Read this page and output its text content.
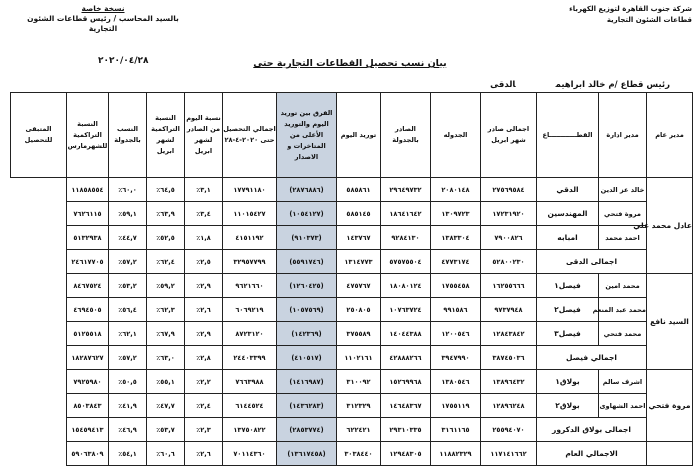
شركة جنوب القاهرة لتوزيع الكهرباء
قطاعات الشئون التجارية
نسخة خاصة
بالسيد المحاسب / رئيس قطاعات الشئون
التجارية
٢٠٢٠/٠٤/٢٨	بيان نسب تحصيل القطاعات التجارية حتى
رئيس قطاع /م خالد ابراهيمالدقى
مدير عام	مدير ادارة	القطــــــــــــاع	اجمالى صادر شهر ابريل	الجدوله	الصادر بالجدولة	توريد اليوم	الفرق بين توريد اليوم والتوريد الأعلى من المتاخرات و الاصدار	اجمالي التحصيل حتى ٢٠٢٠-٤-٢٨	نسبة اليوم من الصادر لشهر ابريل	النسبة التراكمية لشهر ابريل	النسب بالجدولة	النسبة التراكمية للشهرمارس	المتبقى للتحصيل
عادل محمد علي	خالد عز الدين	الدقي	٢٧٥٦٩٥٨٤	٢٠٨٠١٤٨	٢٩٦٤٩٧٣٢	٥٨٥٨٦١	(٢٨٧٦٨٨٦)	١٧٧٩١١٨٠	٣,١٪	٦٤,٥٪	٦٠,٠٪	١١٨٥٨٥٥٤	
	مروة فتحي	المهندسين	١٧٢٣١٩٢٠	١٣٠٩٧٢٣	١٨٦٤١٦٤٢	٥٨٥١٤٥	(١٠٥٤١٢٧)	١١٠١٥٤٢٧	٣,٤٪	٦٣,٩٪	٥٩,١٪	٧٦٢٦١١٥	
	احمد محمد	امبابه	٧٩٠٠٨٢٦	١٣٨٣٣٠٤	٩٢٨٤١٣٠	١٤٣٧٦٧	(٩١٠٣٧٣)	٤١٥١١٩٢	١,٨٪	٥٢,٥٪	٤٤,٧٪	٥١٣٢٩٣٨	
	اجمالى الدقى		٥٢٨٠٠٢٣٠	٤٧٧٣١٧٤	٥٧٥٧٥٥٠٤	١٣١٤٧٧٣	(٥٥٩١٧٤٦)	٣٢٩٥٧٧٩٩	٢,٥٪	٦٢,٤٪	٥٧,٢٪	٢٤٦١٧٧٠٥	
السيد نافع	محمد امين	فيصل١	١٦٢٥٥٦٦٦	١٧٥٥٤٥٨	١٨٠٨٠١٢٤	٤٧٥٧٦٧	(١٢٦٠٤٢٥)	٩٦٢١٦٦٠	٢,٩٪	٥٩,٢٪	٥٣,٢٪	٨٤٦٧٥٢٤	
	محمد عبد المنعم	فيصل٢	٩٧٣٧٩٤٨	٩٩١٥٨٦	١٠٧٦٣٧٢٤	٢٥٠٨٠٥	(١٠٥٧٥٦٩)	٦٠٦٩٢١٩	٢,٦٪	٦٢,٣٪	٥٦,٤٪	٤٦٩٤٥٠٥	
	محمد فتحي	فيصل٣	١٢٨٤٣٨٤٢	١٢٠٠٥٤٦	١٤٠٤٤٣٨٨	٣٧٥٥٨٩	(١٤٢٣٦٩)	٨٧٢٣١٢٠	٢,٩٪	٦٧,٩٪	٦٢,١٪	٥١٢٥٥١٨	
	اجمالي فيصل		٣٨٧٤٥٠٣٦	٣٩٤٧٩٩٠	٤٢٨٨٨٢٦٦	١١٠٢١٦١	(٤١٠٥١٧)	٢٤٤٠٣٣٩٩	٢,٨٪	٦٣,٠٪	٥٧,٢٪	١٨٢٨٧٦٢٧	
مروة فتحي	اشرف سالم	بولاق١	١٣٨٩٦٤٣٢	١٣٨٠٥٤٦	١٥٢٦٩٩٦٨	٣١٠٠٩٢	(١٤١٦٩٨٧)	٧٦٦٣٩٨٨	٢,٢٪	٥٥,١٪	٥٠,٥٪	٧٩٢٥٩٨٠	
	احمد الشهاوى	بولاق٢	١٢٨٩٦٢٤٨	١٧٥٥١١٩	١٤٦٤٨٣٦٧	٣١٢٣٢٩	(١٤٣٦٢٨٣)	٦١٤٤٥٢٤	٢,٤٪	٤٧,٧٪	٤١,٩٪	٨٥٠٣٨٤٣	
	اجمالى بولاق الدكرور		٢٥٥٩٤٠٧٠	٣١٦١١٦٥	٢٩٣١٠٣٣٥	٦٢٢٤٢١	(٢٨٥٣٧٧٤)	١٣٧٥٠٨٢٢	٢,٣٪	٥٣,٧٪	٤٦,٩٪	١٥٤٥٩٤١٣	
	الاجمالي العام		١١٧١٤١٦٦٢	١١٨٨٢٣٢٩	١٢٩٤٨٣٠٥	٣٠٣٨٤٤٠	(١٣٦١٧٤٥٨)	٧٠١١٤٣٦٠	٢,٦٪	٦٠,٦٪	٥٤,١٪	٥٩٠٦٣٨٠٩	
